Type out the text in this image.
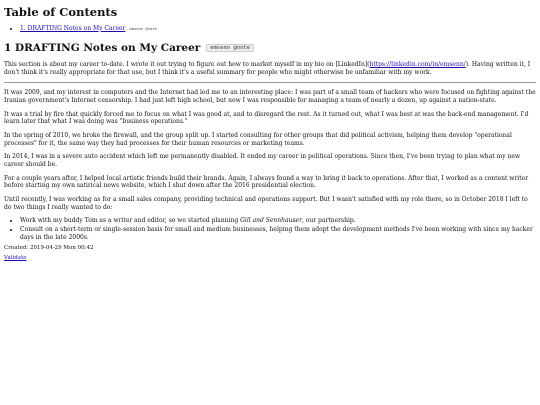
Table of Contents
• 1. DRAFTING Notes on My Career emsenn @note
1 DRAFTING Notes on My Career emsenn @note

This section is about my career to-date. I wrote it out trying to figure out how to market myself in my bio on [LinkedIn](https://linkedin.com/in/emsenn/). Having written it, I don't think it's really appropriate for that use, but I think it's a useful summary for people who might otherwise be unfamiliar with my work.

It was 2009, and my interest in computers and the Internet had led me to an interesting place: I was part of a small team of hackers who were focused on fighting against the Iranian government's Internet censorship. I had just left high school, but now I was responsible for managing a team of nearly a dozen, up against a nation-state.

It was a trial by fire that quickly forced me to focus on what I was good at, and to disregard the rest. As it turned out, what I was best at was the back-end management. I'd learn later that what I was doing was "business operations."

In the spring of 2010, we broke the firewall, and the group split up. I started consulting for other groups that did political activism, helping them develop "operational processes" for it, the same way they had processes for their human resources or marketing teams.

In 2014, I was in a severe auto accident which left me permanently disabled. It ended my career in political operations. Since then, I've been trying to plan what my new career should be.

For a couple years after, I helped local artistic friends build their brands. Again, I always found a way to bring it back to operations. After that, I worked as a content writer before starting my own satirical news website, which I shut down after the 2016 presidential election.

Until recently, I was working as for a small sales company, providing technical and operations support. But I wasn't satisfied with my role there, so in October 2018 I left to do two things I really wanted to do:

• Work with my buddy Tom as a writer and editor, so we started planning Gill and Sennhauser, our partnership.
• Consult on a short-term or single-session basis for small and medium businesses, helping them adopt the development methods I've been working with since my hacker days in the late 2000s.
Created: 2019-04-29 Mon 00:42
Validate
